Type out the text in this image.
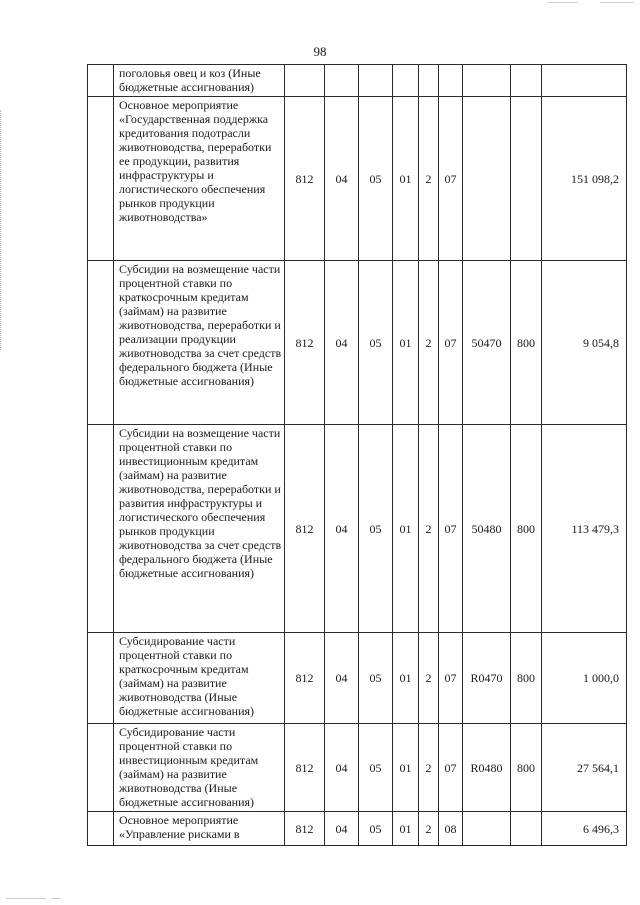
98
	поголовья овец и коз (Иные бюджетные ассигнования)									
	Основное мероприятие «Государственная поддержка кредитования подотрасли животноводства, переработки ее продукции, развития инфраструктуры и логистического обеспечения рынков продукции животноводства»	812	04	05	01	2	07			151 098,2
	Субсидии на возмещение части процентной ставки по краткосрочным кредитам (займам) на развитие животноводства, переработки и реализации продукции животноводства за счет средств федерального бюджета (Иные бюджетные ассигнования)	812	04	05	01	2	07	50470	800	9 054,8
	Субсидии на возмещение части процентной ставки по инвестиционным кредитам (займам) на развитие животноводства, переработки и развития инфраструктуры и логистического обеспечения рынков продукции животноводства за счет средств федерального бюджета (Иные бюджетные ассигнования)	812	04	05	01	2	07	50480	800	113 479,3
	Субсидирование части процентной ставки по краткосрочным кредитам (займам) на развитие животноводства (Иные бюджетные ассигнования)	812	04	05	01	2	07	R0470	800	1 000,0
	Субсидирование части процентной ставки по инвестиционным кредитам (займам) на развитие животноводства (Иные бюджетные ассигнования)	812	04	05	01	2	07	R0480	800	27 564,1
	Основное мероприятие «Управление рисками в	812	04	05	01	2	08			6 496,3
